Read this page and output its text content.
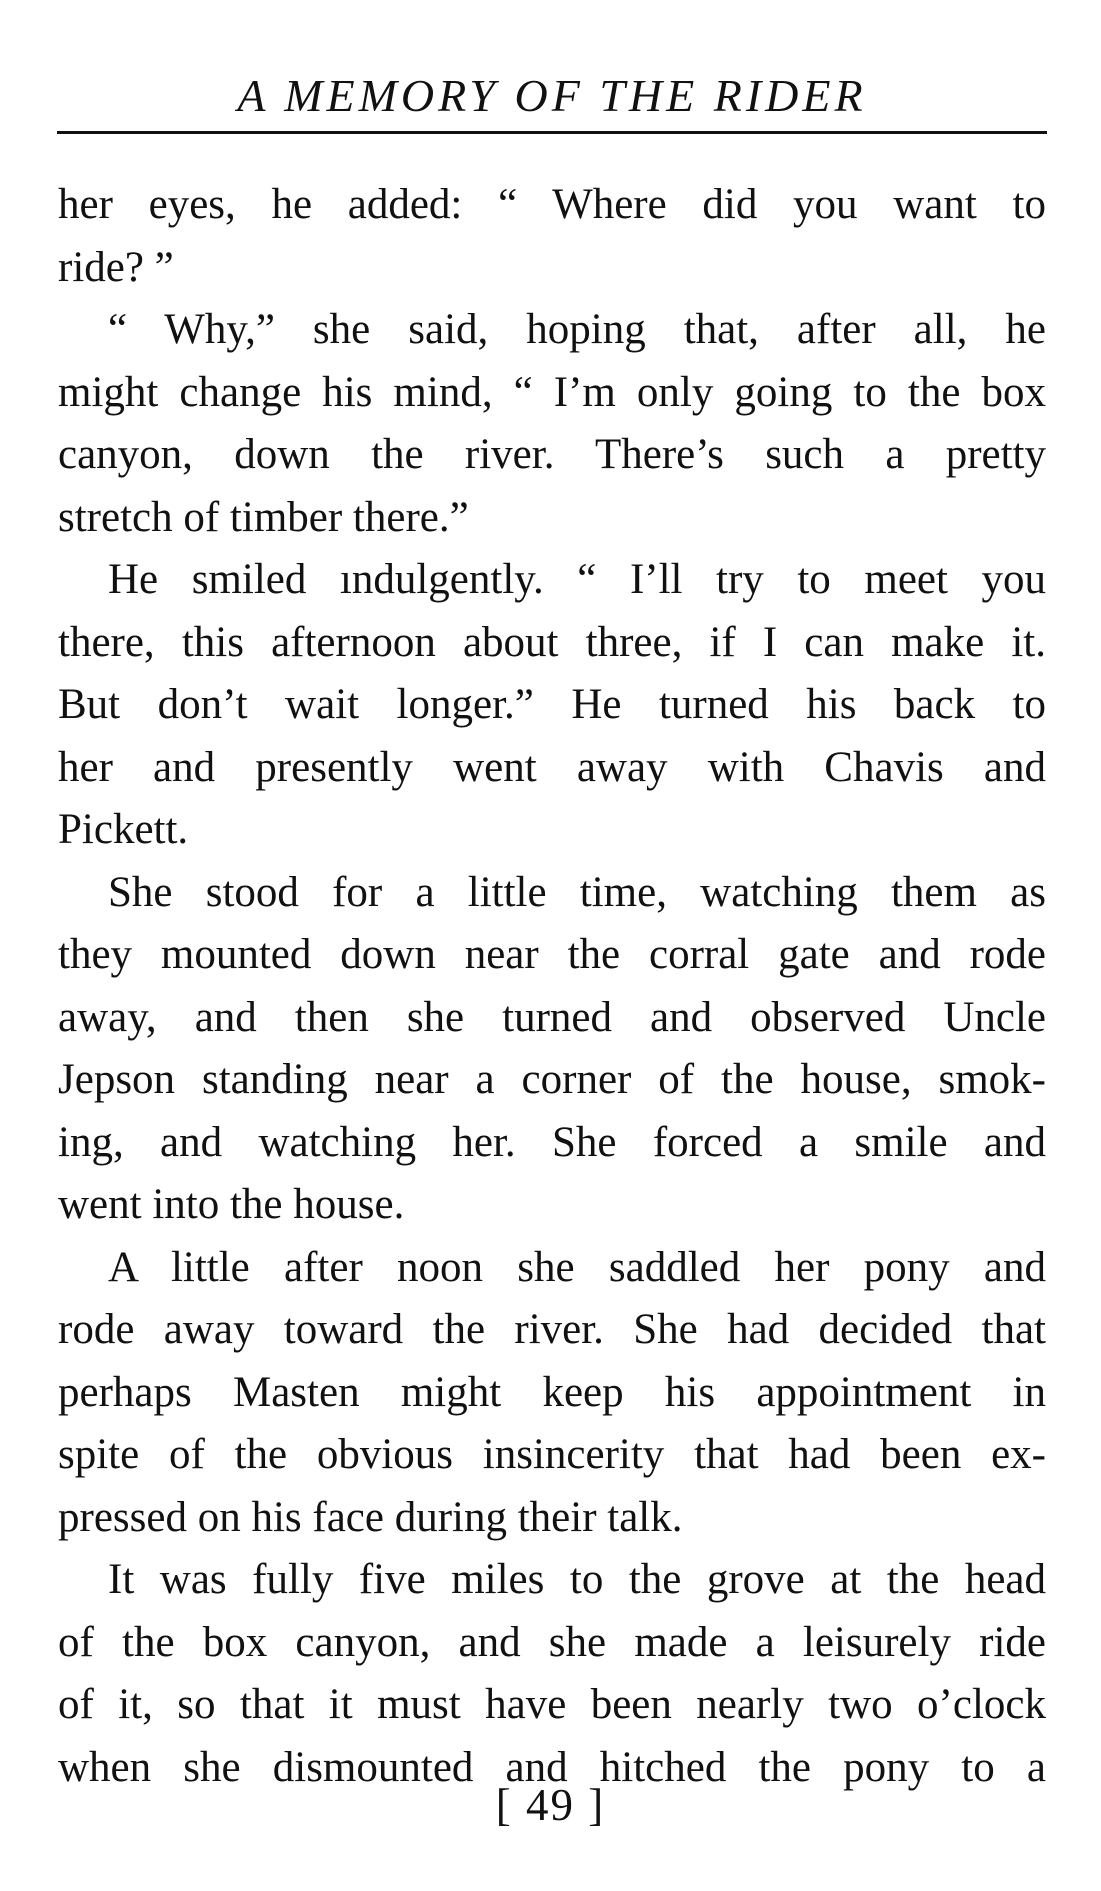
A MEMORY OF THE RIDER
her eyes, he added: “ Where did you want to
ride? ”
“ Why,” she said, hoping that, after all, he
might change his mind, “ I’m only going to the box
canyon, down the river. There’s such a pretty
stretch of timber there.”
He smiled ındulgently. “ I’ll try to meet you
there, this afternoon about three, if I can make it.
But don’t wait longer.” He turned his back to
her and presently went away with Chavis and
Pickett.
She stood for a little time, watching them as
they mounted down near the corral gate and rode
away, and then she turned and observed Uncle
Jepson standing near a corner of the house, smok-
ing, and watching her. She forced a smile and
went into the house.
A little after noon she saddled her pony and
rode away toward the river. She had decided that
perhaps Masten might keep his appointment in
spite of the obvious insincerity that had been ex-
pressed on his face during their talk.
It was fully five miles to the grove at the head
of the box canyon, and she made a leisurely ride
of it, so that it must have been nearly two o’clock
when she dismounted and hitched the pony to a
[ 49 ]
